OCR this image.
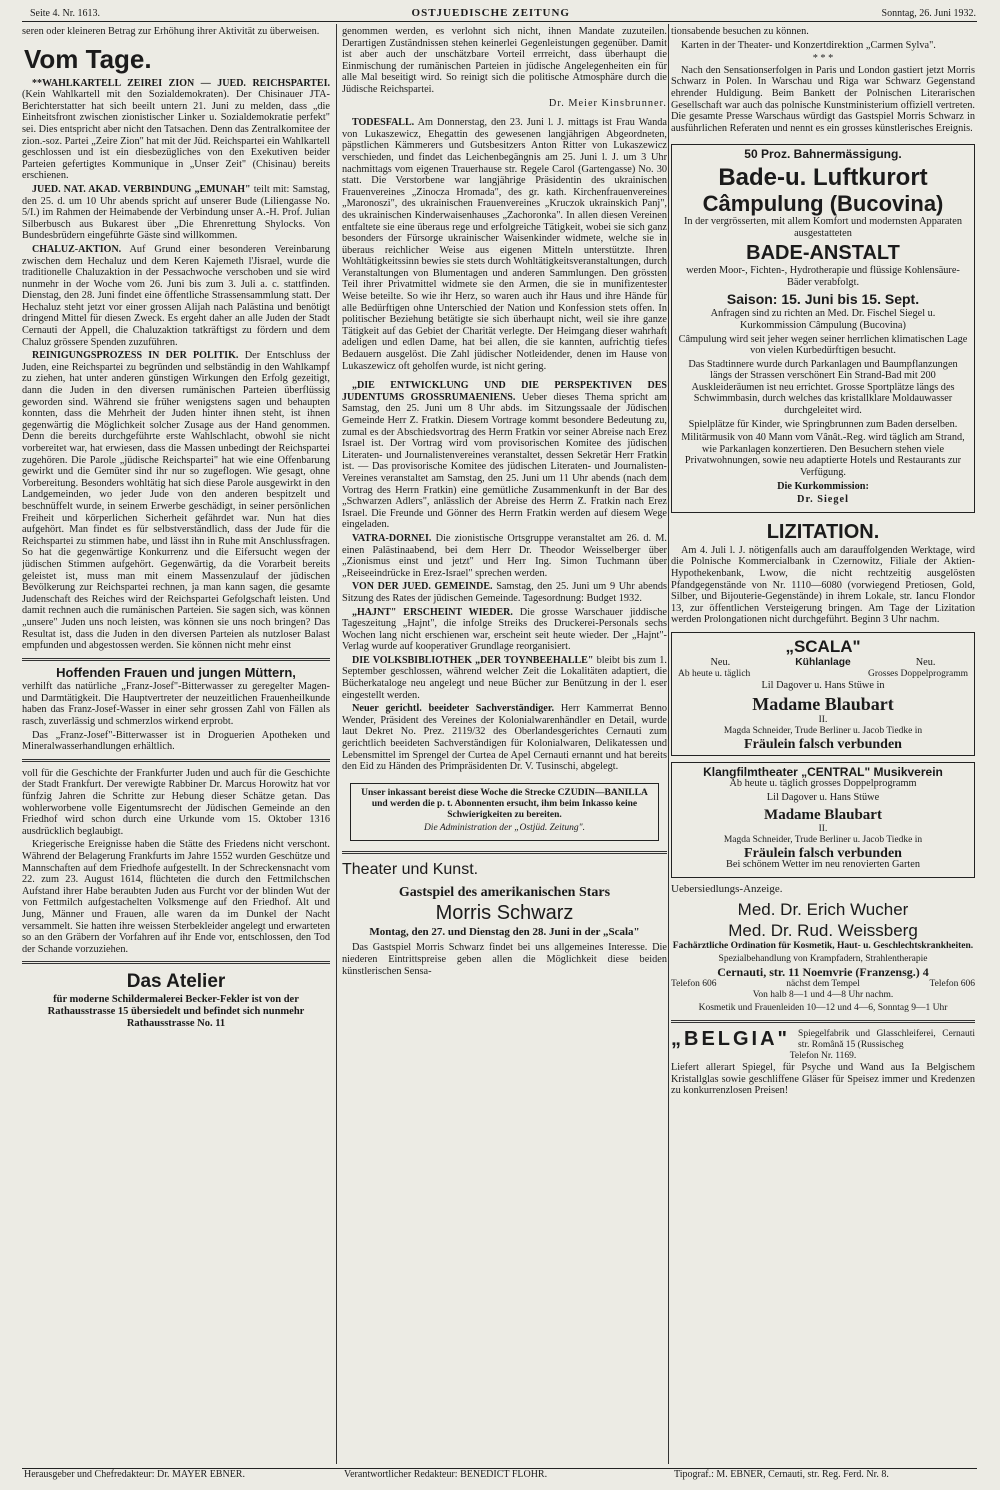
Seite 4. Nr. 1613.	OSTJUEDISCHE ZEITUNG	Sonntag, 26. Juni 1932.

seren oder kleineren Betrag zur Erhöhung ihrer Aktivität zu überweisen.

Vom Tage.

**WAHLKARTELL ZEIREI ZION — JUED. REICHSPARTEI. (Kein Wahlkartell mit den Sozialdemokraten). Der Chisinauer JTA-Berichterstatter hat sich beeilt untern 21. Juni zu melden, dass „die Einheitsfront zwischen zionistischer Linker u. Sozialdemokratie perfekt" sei. Dies entspricht aber nicht den Tatsachen. Denn das Zentralkomitee der zion.-soz. Partei „Zeire Zion" hat mit der Jüd. Reichspartei ein Wahlkartell geschlossen und ist ein diesbezügliches von den Exekutiven beider Parteien gefertigtes Kommunique in „Unser Zeit" (Chisinau) bereits erschienen.

JUED. NAT. AKAD. VERBINDUNG „EMUNAH" teilt mit: Samstag, den 25. d. um 10 Uhr abends spricht auf unserer Bude (Liliengasse No. 5/I.) im Rahmen der Heimabende der Verbindung unser A.-H. Prof. Julian Silberbusch aus Bukarest über „Die Ehrenrettung Shylocks. Von Bundesbrüdern eingeführte Gäste sind willkommen.

CHALUZ-AKTION. Auf Grund einer besonderen Vereinbarung zwischen dem Hechaluz und dem Keren Kajemeth l'Jisrael, wurde die traditionelle Chaluzaktion in der Pessachwoche verschoben und sie wird nunmehr in der Woche vom 26. Juni bis zum 3. Juli a. c. stattfinden. Dienstag, den 28. Juni findet eine öffentliche Strassensammlung statt. Der Hechaluz steht jetzt vor einer grossen Alijah nach Palästina und benötigt dringend Mittel für diesen Zweck. Es ergeht daher an alle Juden der Stadt Cernauti der Appell, die Chaluzaktion tatkräftigst zu fördern und dem Chaluz grössere Spenden zuzuführen.

REINIGUNGSPROZESS IN DER POLITIK. Der Entschluss der Juden, eine Reichspartei zu begründen und selbständig in den Wahlkampf zu ziehen, hat unter anderen günstigen Wirkungen den Erfolg gezeitigt, dann die Juden in den diversen rumänischen Parteien überflüssig geworden sind. Während sie früher wenigstens sagen und behaupten konnten, dass die Mehrheit der Juden hinter ihnen steht, ist ihnen gegenwärtig die Möglichkeit solcher Zusage aus der Hand genommen. Denn die bereits durchgeführte erste Wahlschlacht, obwohl sie nicht vorbereitet war, hat erwiesen, dass die Massen unbedingt der Reichspartei zugehören. Die Parole „jüdische Reichspartei" hat wie eine Offenbarung gewirkt und die Gemüter sind ihr nur so zugeflogen. Wie gesagt, ohne Vorbereitung. Besonders wohltätig hat sich diese Parole ausgewirkt in den Landgemeinden, wo jeder Jude von den anderen bespitzelt und beschnüffelt wurde, in seinem Erwerbe geschädigt, in seiner persönlichen Freiheit und körperlichen Sicherheit gefährdet war. Nun hat dies aufgehört. Man findet es für selbstverständlich, dass der Jude für die Reichspartei zu stimmen habe, und lässt ihn in Ruhe mit Anschlussfragen. So hat die gegenwärtige Konkurrenz und die Eifersucht wegen der jüdischen Stimmen aufgehört. Gegenwärtig, da die Vorarbeit bereits geleistet ist, muss man mit einem Massenzulauf der jüdischen Bevölkerung zur Reichspartei rechnen, ja man kann sagen, die gesamte Judenschaft des Reiches wird der Reichspartei Gefolgschaft leisten. Und damit rechnen auch die rumänischen Parteien. Sie sagen sich, was können „unsere" Juden uns noch leisten, was können sie uns noch bringen? Das Resultat ist, dass die Juden in den diversen Parteien als nutzloser Balast empfunden und abgestossen werden. Sie können nicht mehr einst

Hoffenden Frauen und jungen Müttern,

verhilft das natürliche „Franz-Josef"-Bitterwasser zu geregelter Magen- und Darmtätigkeit. Die Hauptvertreter der neuzeitlichen Frauenheilkunde haben das Franz-Josef-Wasser in einer sehr grossen Zahl von Fällen als rasch, zuverlässig und schmerzlos wirkend erprobt.

Das „Franz-Josef"-Bitterwasser ist in Droguerien Apotheken und Mineralwasserhandlungen erhältlich.

voll für die Geschichte der Frankfurter Juden und auch für die Geschichte der Stadt Frankfurt. Der verewigte Rabbiner Dr. Marcus Horowitz hat vor fünfzig Jahren die Schritte zur Hebung dieser Schätze getan. Das wohlerworbene volle Eigentumsrecht der Jüdischen Gemeinde an den Friedhof wird schon durch eine Urkunde vom 15. Oktober 1316 ausdrücklich beglaubigt.

Kriegerische Ereignisse haben die Stätte des Friedens nicht verschont. Während der Belagerung Frankfurts im Jahre 1552 wurden Geschütze und Mannschaften auf dem Friedhofe aufgestellt. In der Schreckensnacht vom 22. zum 23. August 1614, flüchteten die durch den Fettmilchschen Aufstand ihrer Habe beraubten Juden aus Furcht vor der blinden Wut der von Fettmilch aufgestachelten Volksmenge auf den Friedhof. Alt und Jung, Männer und Frauen, alle waren da im Dunkel der Nacht versammelt. Sie hatten ihre weissen Sterbekleider angelegt und erwarteten so an den Gräbern der Vorfahren auf ihr Ende vor, entschlossen, den Tod der Schande vorzuziehen.

Das Atelier

für moderne Schildermalerei Becker-Fekler ist von der Rathausstrasse 15 übersiedelt und befindet sich nunmehr Rathausstrasse No. 11

genommen werden, es verlohnt sich nicht, ihnen Mandate zuzuteilen. Derartigen Zuständnissen stehen keinerlei Gegenleistungen gegenüber. Damit ist aber auch der unschätzbare Vorteil errreicht, dass überhaupt die Einmischung der rumänischen Parteien in jüdische Angelegenheiten ein für alle Mal beseitigt wird. So reinigt sich die politische Atmosphäre durch die Jüdische Reichspartei.

Dr. Meier Kinsbrunner.

TODESFALL. Am Donnerstag, den 23. Juni l. J. mittags ist Frau Wanda von Lukaszewicz, Ehegattin des gewesenen langjährigen Abgeordneten, päpstlichen Kämmerers und Gutsbesitzers Anton Ritter von Lukaszewicz verschieden, und findet das Leichenbegängnis am 25. Juni l. J. um 3 Uhr nachmittags vom eigenen Trauerhause str. Regele Carol (Gartengasse) No. 30 statt. Die Verstorbene war langjährige Präsidentin des ukrainischen Frauenvereines „Zinocza Hromada", des gr. kath. Kirchenfrauenvereines „Maronoszi", des ukrainischen Frauenvereines „Kruczok ukrainskich Panj", des ukrainischen Kinderwaisenhauses „Zachoronka". In allen diesen Vereinen entfaltete sie eine überaus rege und erfolgreiche Tätigkeit, wobei sie sich ganz besonders der Fürsorge ukrainischer Waisenkinder widmete, welche sie in überaus reichlicher Weise aus eigenen Mitteln unterstützte. Ihren Wohltätigkeitssinn bewies sie stets durch Wohltätigkeitsveranstaltungen, durch Veranstaltungen von Blumentagen und anderen Sammlungen. Den grössten Teil ihrer Privatmittel widmete sie den Armen, die sie in munifizentester Weise beteilte. So wie ihr Herz, so waren auch ihr Haus und ihre Hände für alle Bedürftigen ohne Unterschied der Nation und Konfession stets offen. In politischer Beziehung betätigte sie sich überhaupt nicht, weil sie ihre ganze Tätigkeit auf das Gebiet der Charität verlegte. Der Heimgang dieser wahrhaft adeligen und edlen Dame, hat bei allen, die sie kannten, aufrichtig tiefes Bedauern ausgelöst. Die Zahl jüdischer Notleidender, denen im Hause von Lukaszewicz oft geholfen wurde, ist nicht gering.

„DIE ENTWICKLUNG UND DIE PERSPEKTIVEN DES JUDENTUMS GROSSRUMAENIENS. Ueber dieses Thema spricht am Samstag, den 25. Juni um 8 Uhr abds. im Sitzungssaale der Jüdischen Gemeinde Herr Z. Fratkin. Diesem Vortrage kommt besondere Bedeutung zu, zumal es der Abschiedsvortrag des Herrn Fratkin vor seiner Abreise nach Erez Israel ist. Der Vortrag wird vom provisorischen Komitee des jüdischen Literaten- und Journalistenvereines veranstaltet, dessen Sekretär Herr Fratkin ist. — Das provisorische Komitee des jüdischen Literaten- und Journalisten-Vereines veranstaltet am Samstag, den 25. Juni um 11 Uhr abends (nach dem Vortrag des Herrn Fratkin) eine gemütliche Zusammenkunft in der Bar des „Schwarzen Adlers", anlässlich der Abreise des Herrn Z. Fratkin nach Erez Israel. Die Freunde und Gönner des Herrn Fratkin werden auf diesem Wege eingeladen.

VATRA-DORNEI. Die zionistische Ortsgruppe veranstaltet am 26. d. M. einen Palästinaabend, bei dem Herr Dr. Theodor Weisselberger über „Zionismus einst und jetzt" und Herr Ing. Simon Tuchmann über „Reiseeindrücke in Erez-Israel" sprechen werden.

VON DER JUED. GEMEINDE. Samstag, den 25. Juni um 9 Uhr abends Sitzung des Rates der jüdischen Gemeinde. Tagesordnung: Budget 1932.

„HAJNT" ERSCHEINT WIEDER. Die grosse Warschauer jiddische Tageszeitung „Hajnt", die infolge Streiks des Druckerei-Personals sechs Wochen lang nicht erschienen war, erscheint seit heute wieder. Der „Hajnt"-Verlag wurde auf kooperativer Grundlage reorganisiert.

DIE VOLKSBIBLIOTHEK „DER TOYNBEEHALLE" bleibt bis zum 1. September geschlossen, während welcher Zeit die Lokalitäten adaptiert, die Bücherkataloge neu angelegt und neue Bücher zur Benützung in der l. eser eingestellt werden.

Neuer gerichtl. beeideter Sachverständiger. Herr Kammerrat Benno Wender, Präsident des Vereines der Kolonialwarenhändler en Detail, wurde laut Dekret No. Prez. 2119/32 des Oberlandesgerichtes Cernauti zum gerichtlich beeideten Sachverständigen für Kolonialwaren, Delikatessen und Lebensmittel im Sprengel der Curtea de Apel Cernauti ernannt und hat bereits den Eid zu Händen des Primpräsidenten Dr. V. Tusinschi, abgelegt.

Unser inkassant bereist diese Woche die Strecke CZUDIN—BANILLA und werden die p. t. Abonnenten ersucht, ihm beim Inkasso keine Schwierigkeiten zu bereiten.

Die Administration der „Ostjüd. Zeitung".

Theater und Kunst.
Gastspiel des amerikanischen Stars
Morris Schwarz
Montag, den 27. und Dienstag den 28. Juni in der „Scala"

Das Gastspiel Morris Schwarz findet bei uns allgemeines Interesse. Die niederen Eintrittspreise geben allen die Möglichkeit diese beiden künstlerischen Sensa-

tionsabende besuchen zu können.

Karten in der Theater- und Konzertdirektion „Carmen Sylva".

* * *

Nach den Sensationserfolgen in Paris und London gastiert jetzt Morris Schwarz in Polen. In Warschau und Riga war Schwarz Gegenstand ehrender Huldigung. Beim Bankett der Polnischen Literarischen Gesellschaft war auch das polnische Kunstministerium offiziell vertreten. Die gesamte Presse Warschaus würdigt das Gastspiel Morris Schwarz in ausführlichen Referaten und nennt es ein grosses künstlerisches Ereignis.

50 Proz. Bahnermässigung.
Bade-u. Luftkurort
Câmpulung (Bucovina)

In der vergrösserten, mit allem Komfort und modernsten Apparaten ausgestatteten

BADE-ANSTALT

werden Moor-, Fichten-, Hydrotherapie und flüssige Kohlensäure-Bäder verabfolgt.

Saison: 15. Juni bis 15. Sept.

Anfragen sind zu richten an Med. Dr. Fischel Siegel u. Kurkommission Câmpulung (Bucovina)

Câmpulung wird seit jeher wegen seiner herrlichen klimatischen Lage von vielen Kurbedürftigen besucht.

Das Stadtinnere wurde durch Parkanlagen und Baumpflanzungen längs der Strassen verschönert Ein Strand-Bad mit 200 Auskleideräumen ist neu errichtet. Grosse Sportplätze längs des Schwimmbasin, durch welches das kristallklare Moldauwasser durchgeleitet wird.

Spielplätze für Kinder, wie Springbrunnen zum Baden derselben.

Militärmusik von 40 Mann vom Vânât.-Reg. wird täglich am Strand, wie Parkanlagen konzertieren. Den Besuchern stehen viele Privatwohnungen, sowie neu adaptierte Hotels und Restaurants zur Verfügung.

Die Kurkommission:

Dr. Siegel

LIZITATION.

Am 4. Juli l. J. nötigenfalls auch am darauffolgenden Werktage, wird die Polnische Kommercialbank in Czernowitz, Filiale der Aktien-Hypothekenbank, Lwow, die nicht rechtzeitig ausgelösten Pfandgegenstände von Nr. 1110—6080 (vorwiegend Pretiosen, Gold, Silber, und Bijouterie-Gegenstände) in ihrem Lokale, str. Iancu Flondor 13, zur öffentlichen Versteigerung bringen. Am Tage der Lizitation werden Prolongationen nicht durchgeführt. Beginn 3 Uhr nachm.

„SCALA"
Neu.	Kühlanlage	Neu.
Ab heute u. täglich	Grosses Doppelprogramm

Lil Dagover u. Hans Stüwe in

Madame Blaubart
II.

Magda Schneider, Trude Berliner u. Jacob Tiedke in

Fräulein falsch verbunden
Klangfilmtheater „CENTRAL" Musikverein

Ab heute u. täglich grosses Doppelprogramm

Lil Dagover u. Hans Stüwe

Madame Blaubart
II.

Magda Schneider, Trude Berliner u. Jacob Tiedke in

Fräulein falsch verbunden

Bei schönem Wetter im neu renovierten Garten

Uebersiedlungs-Anzeige.
Med. Dr. Erich Wucher
Med. Dr. Rud. Weissberg

Fachärztliche Ordination für Kosmetik, Haut- u. Geschlechtskrankheiten.

Spezialbehandlung von Krampfadern, Strahlentherapie

Cernauti, str. 11 Noemvrie (Franzensg.) 4
Telefon 606	nächst dem Tempel	Telefon 606

Von halb 8—1 und 4—8 Uhr nachm.

Kosmetik und Frauenleiden 10—12 und 4—6, Sonntag 9—1 Uhr

„BELGIA" Spiegelfabrik und Glasschleiferei, Cernauti str. Română 15 (Russischeg
Telefon Nr. 1169.

Liefert allerart Spiegel, für Psyche und Wand aus Ia Belgischem Kristallglas sowie geschliffene Gläser für Speisez immer und Kredenzen zu konkurrenzlosen Preisen!

Herausgeber und Chefredakteur: Dr. MAYER EBNER.	Verantwortlicher Redakteur: BENEDICT FLOHR.	Tipograf.: M. EBNER, Cernauti, str. Reg. Ferd. Nr. 8.
